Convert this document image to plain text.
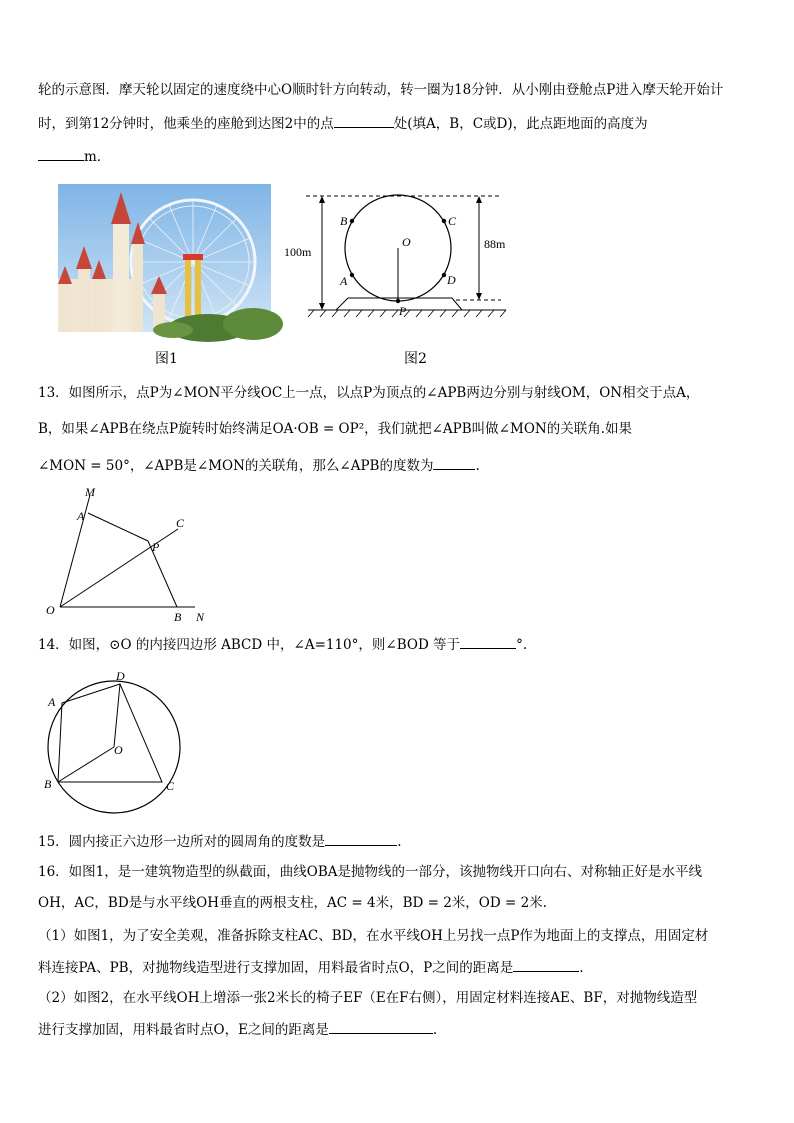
轮的示意图．摩天轮以固定的速度绕中心O顺时针方向转动，转一圈为18分钟．从小刚由登舱点P进入摩天轮开始计
时，到第12分钟时，他乘坐的座舱到达图2中的点	处(填A，B，C或D)，此点距地面的高度为
m．
图1
100m
88m
B	C
O
A	D
P
图2
13．如图所示，点P为∠MON平分线OC上一点，以点P为顶点的∠APB两边分别与射线OM，ON相交于点A，
B，如果∠APB在绕点P旋转时始终满足OA·OB = OP²，我们就把∠APB叫做∠MON的关联角.如果
∠MON = 50°，∠APB是∠MON的关联角，那么∠APB的度数为	.
M
A	C
P
O	B N
14．如图，⊙O 的内接四边形 ABCD 中，∠A=110°，则∠BOD 等于	°.
A
D
O
B	C
15．圆内接正六边形一边所对的圆周角的度数是	.
16．如图1，是一建筑物造型的纵截面，曲线OBA是抛物线的一部分，该抛物线开口向右、对称轴正好是水平线
OH，AC，BD是与水平线OH垂直的两根支柱，AC = 4米，BD = 2米，OD = 2米.
（1）如图1，为了安全美观，准备拆除支柱AC、BD，在水平线OH上另找一点P作为地面上的支撑点，用固定材
料连接PA、PB，对抛物线造型进行支撑加固，用料最省时点O，P之间的距离是	.
（2）如图2，在水平线OH上增添一张2米长的椅子EF（E在F右侧），用固定材料连接AE、BF，对抛物线造型
进行支撑加固，用料最省时点O，E之间的距离是	.
